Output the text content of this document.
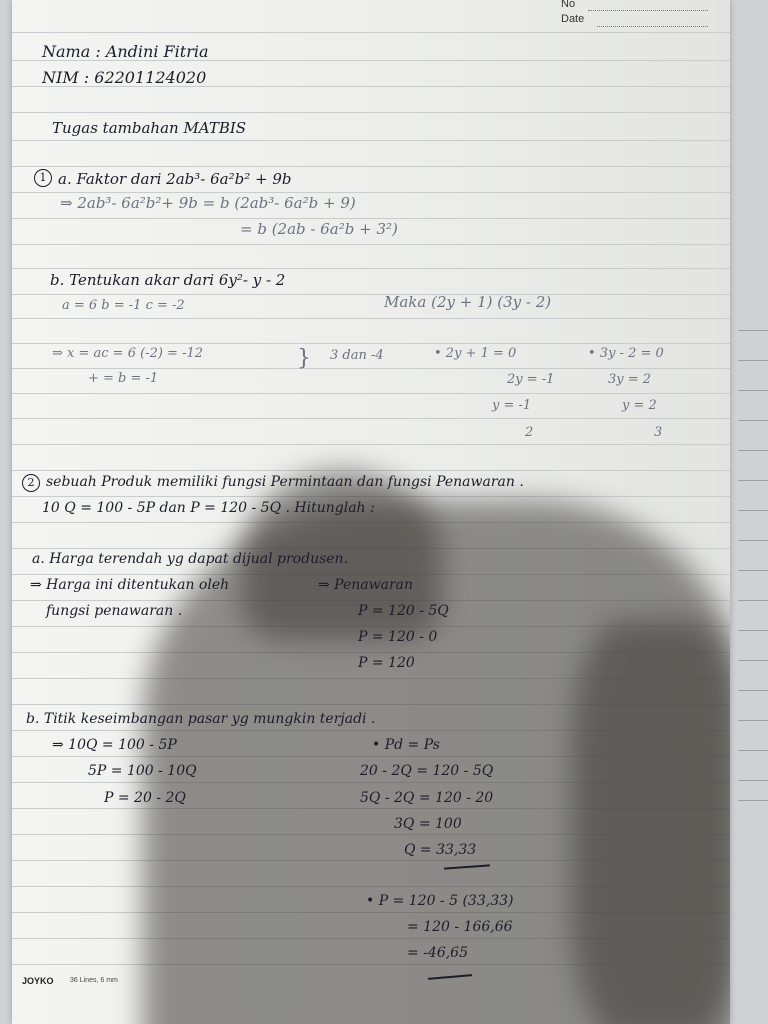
No
Date
Nama : Andini Fitria
NIM : 62201124020
Tugas tambahan MATBIS
1 a. Faktor dari 2ab³- 6a²b² + 9b
⇒ 2ab³- 6a²b²+ 9b = b (2ab³- 6a²b + 9)
= b (2ab - 6a²b + 3²)
b. Tentukan akar dari 6y²- y - 2
a = 6 b = -1 c = -2	Maka (2y + 1) (3y - 2)
⇒ x = ac = 6 (-2) = -12
+ = b = -1
} 3 dan -4	• 2y + 1 = 0
2y = -1
y = -1
2
• 3y - 2 = 0
3y = 2
y = 2
3
2 sebuah Produk memiliki fungsi Permintaan dan fungsi Penawaran .
10 Q = 100 - 5P dan P = 120 - 5Q . Hitunglah :
a. Harga terendah yg dapat dijual produsen.
⇒ Harga ini ditentukan oleh
fungsi penawaran .
⇒ Penawaran
P = 120 - 5Q
P = 120 - 0
P = 120
b. Titik keseimbangan pasar yg mungkin terjadi .
⇒ 10Q = 100 - 5P
5P = 100 - 10Q
P = 20 - 2Q
• Pd = Ps
20 - 2Q = 120 - 5Q
5Q - 2Q = 120 - 20
3Q = 100
Q = 33,33
• P = 120 - 5 (33,33)
= 120 - 166,66
= -46,65
JOYKO 36 Lines, 6 mm
